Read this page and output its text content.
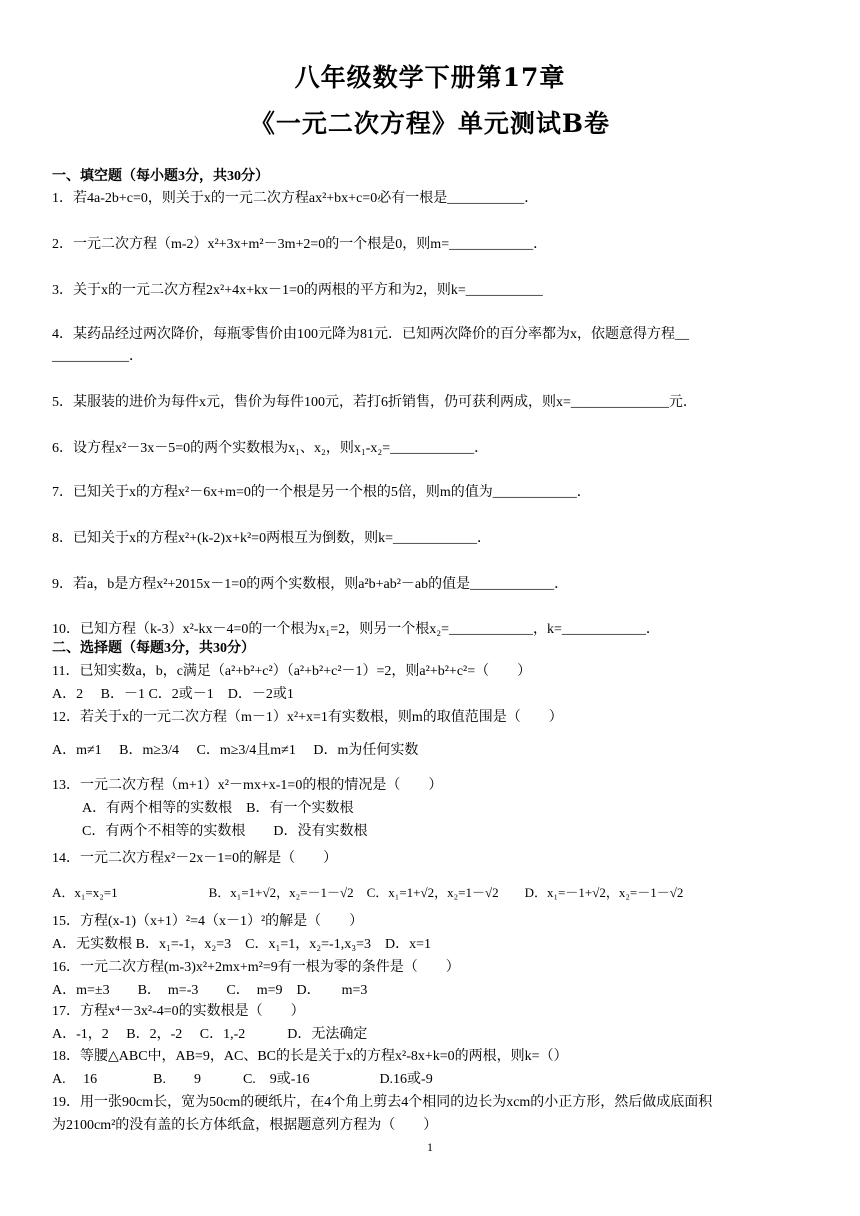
八年级数学下册第17章
《一元二次方程》单元测试B卷
一、填空题（每小题3分，共30分）
1．若4a-2b+c=0，则关于x的一元二次方程ax²+bx+c=0必有一根是___________．
2．一元二次方程（m-2）x²+3x+m²－3m+2=0的一个根是0，则m=____________．
3．关于x的一元二次方程2x²+4x+kx－1=0的两根的平方和为2，则k=___________
4．某药品经过两次降价，每瓶零售价由100元降为81元．已知两次降价的百分率都为x，依题意得方程__
___________．
5．某服装的进价为每件x元，售价为每件100元，若打6折销售，仍可获利两成，则x=______________元．
6．设方程x²－3x－5=0的两个实数根为x₁、x₂，则x₁-x₂=____________．
7．已知关于x的方程x²－6x+m=0的一个根是另一个根的5倍，则m的值为____________．
8．已知关于x的方程x²+(k-2)x+k²=0两根互为倒数，则k=____________．
9．若a，b是方程x²+2015x－1=0的两个实数根，则a²b+ab²－ab的值是____________．
10．已知方程（k-3）x²-kx－4=0的一个根为x₁=2，则另一个根x₂=____________，k=____________．
二、选择题（每题3分，共30分）
11．已知实数a，b，c满足（a²+b²+c²）（a²+b²+c²－1）=2，则a²+b²+c²=（　　）
A．2　 B．－1 C．2或－1　D．－2或1
12．若关于x的一元二次方程（m－1）x²+x=1有实数根，则m的取值范围是（　　）
A．m≠1　 B．m≥3/4　 C．m≥3/4且m≠1　 D．m为任何实数
13．一元二次方程（m+1）x²－mx+x-1=0的根的情况是（　　）
A．有两个相等的实数根　B．有一个实数根
C．有两个不相等的实数根　　D．没有实数根
14．一元二次方程x²－2x－1=0的解是（　　）
A．x₁=x₂=1　　　　　　　B．x₁=1+√2，x₂=－1－√2　C．x₁=1+√2，x₂=1－√2　　D．x₁=－1+√2，x₂=－1－√2
15．方程(x-1)（x+1）²=4（x－1）²的解是（　　）
A．无实数根 B．x₁=-1，x₂=3　C．x₁=1，x₂=-1,x₃=3　D．x=1
16．一元二次方程(m-3)x²+2mx+m²=9有一根为零的条件是（　　）
A．m=±3　　B．　m=-3　　C．　m=9　D．　　m=3
17．方程x⁴－3x²-4=0的实数根是（　　）
A．-1，2　 B．2，-2　 C．1,-2　　　D．无法确定
18．等腰△ABC中，AB=9，AC、BC的长是关于x的方程x²-8x+k=0的两根，则k=（）
A.　 16　　　　B.　　9　　　C.　9或-16　　　　　D.16或-9
19．用一张90cm长，宽为50cm的硬纸片，在4个角上剪去4个相同的边长为xcm的小正方形，然后做成底面积
为2100cm²的没有盖的长方体纸盒，根据题意列方程为（　　）
1
